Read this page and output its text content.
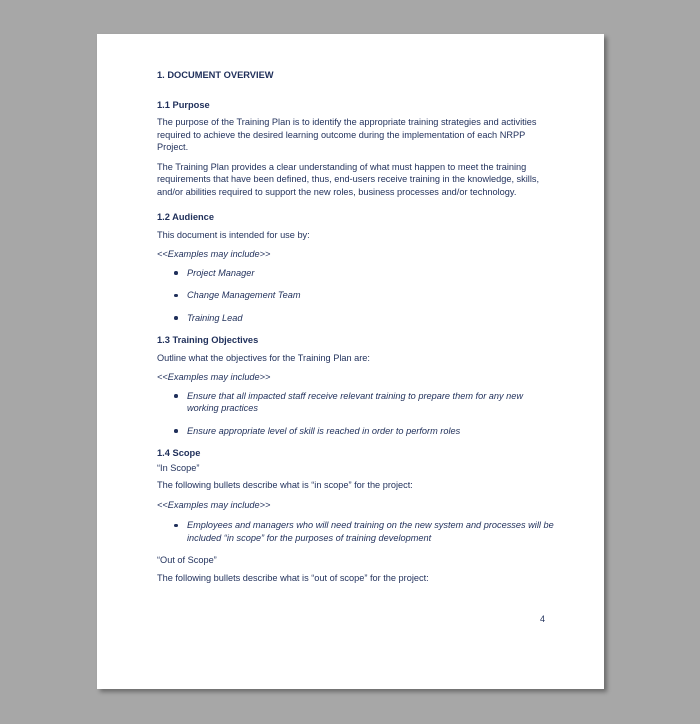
1. DOCUMENT OVERVIEW
1.1 Purpose
The purpose of the Training Plan is to identify the appropriate training strategies and activities required to achieve the desired learning outcome during the implementation of each NRPP Project.
The Training Plan provides a clear understanding of what must happen to meet the training requirements that have been defined, thus, end-users receive training in the knowledge, skills, and/or abilities required to support the new roles, business processes and/or technology.
1.2 Audience
This document is intended for use by:
<<Examples may include>>
Project Manager
Change Management Team
Training Lead
1.3 Training Objectives
Outline what the objectives for the Training Plan are:
<<Examples may include>>
Ensure that all impacted staff receive relevant training to prepare them for any new working practices
Ensure appropriate level of skill is reached in order to perform roles
1.4 Scope
“In Scope”
The following bullets describe what is “in scope” for the project:
<<Examples may include>>
Employees and managers who will need training on the new system and processes will be included “in scope” for the purposes of training development
“Out of Scope”
The following bullets describe what is “out of scope” for the project:
4
